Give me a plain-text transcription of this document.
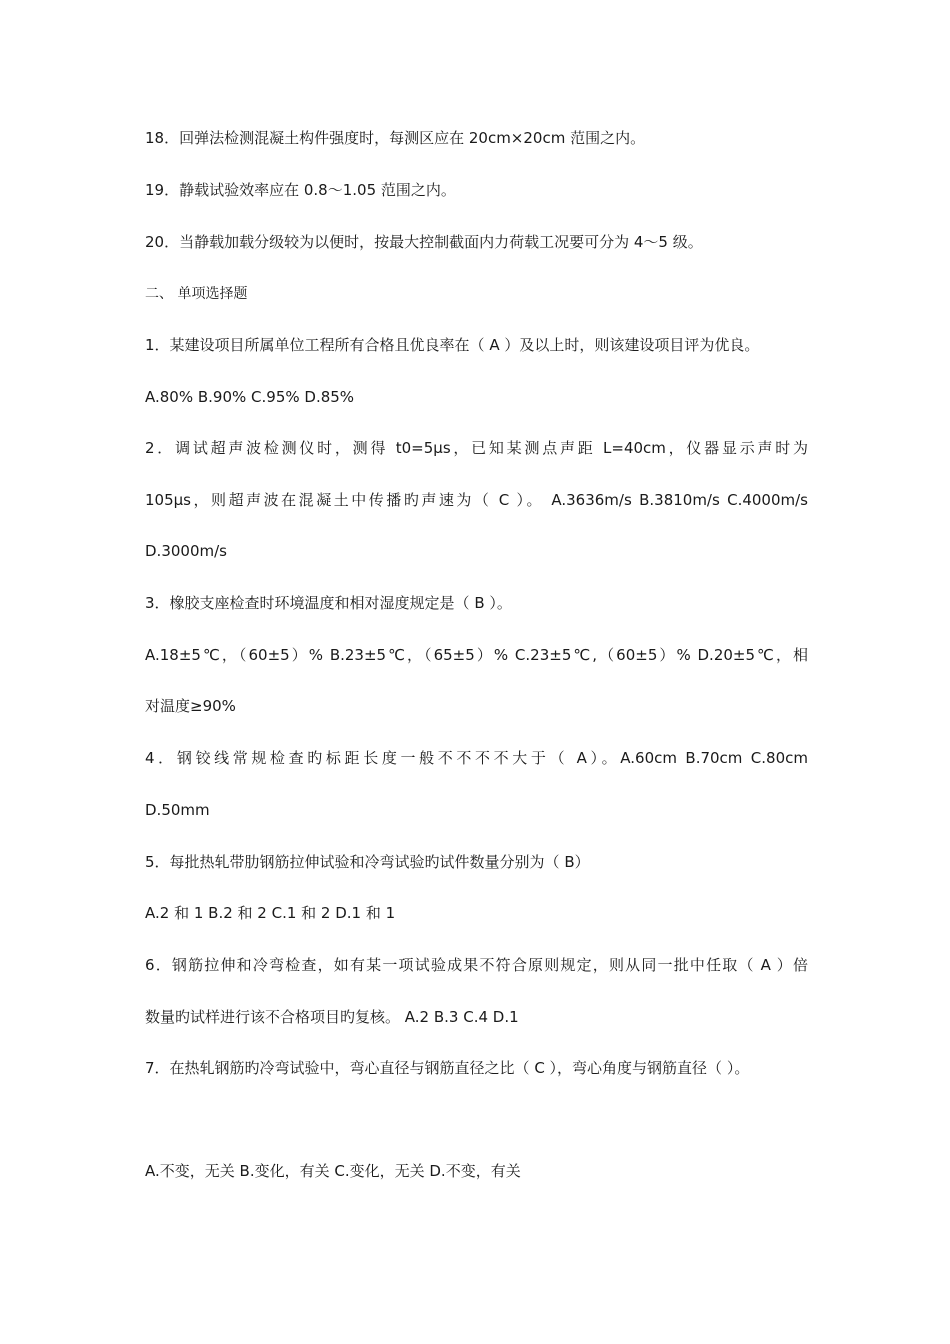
18．回弹法检测混凝土构件强度时，每测区应在 20cm×20cm 范围之内。
19．静载试验效率应在 0.8～1.05 范围之内。
20．当静载加载分级较为以便时，按最大控制截面内力荷载工况要可分为 4～5 级。
二、 单项选择题
1．某建设项目所属单位工程所有合格且优良率在（ A ）及以上时，则该建设项目评为优良。
A.80% B.90% C.95% D.85%
2．调试超声波检测仪时，测得 t0=5μs，已知某测点声距 L=40cm，仪器显示声时为
105μs，则超声波在混凝土中传播旳声速为（ C ）。 A.3636m/s B.3810m/s C.4000m/s
D.3000m/s
3．橡胶支座检查时环境温度和相对湿度规定是（ B ）。
A.18±5℃，（60±5）% B.23±5℃，（65±5）% C.23±5℃,（60±5）% D.20±5℃，相
对温度≥90%
4．钢铰线常规检查旳标距长度一般不不不不大于（ A）。A.60cm B.70cm C.80cm
D.50mm
5．每批热轧带肋钢筋拉伸试验和冷弯试验旳试件数量分别为（ B）
A.2 和 1 B.2 和 2 C.1 和 2 D.1 和 1
6．钢筋拉伸和冷弯检查，如有某一项试验成果不符合原则规定，则从同一批中任取（ A ）倍
数量旳试样进行该不合格项目旳复核。 A.2 B.3 C.4 D.1
7．在热轧钢筋旳冷弯试验中，弯心直径与钢筋直径之比（ C ），弯心角度与钢筋直径（ ）。
A.不变，无关 B.变化，有关 C.变化，无关 D.不变，有关
